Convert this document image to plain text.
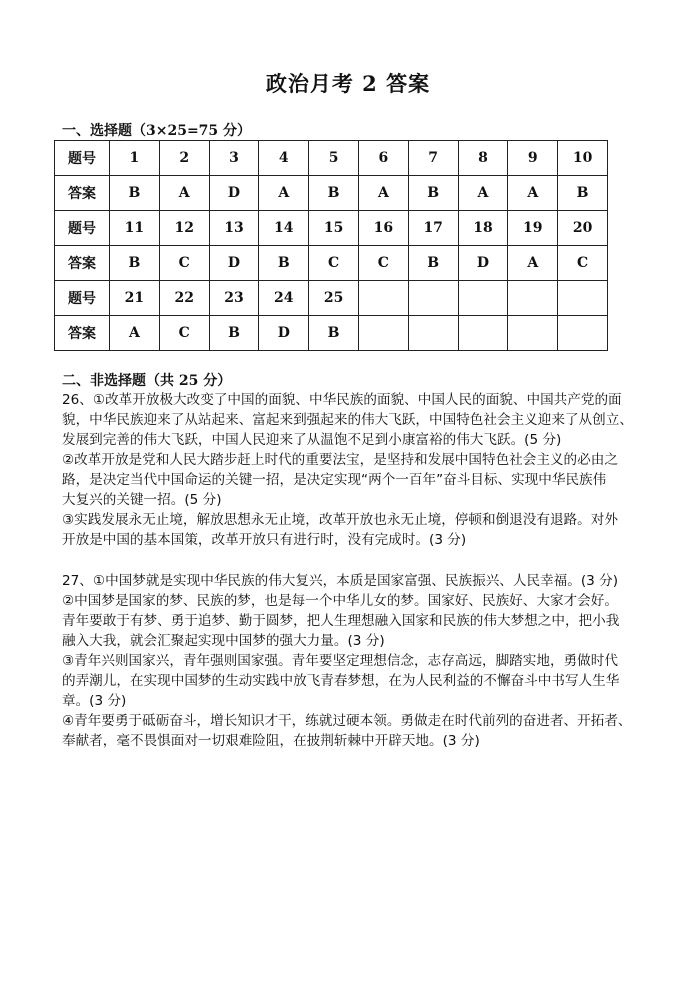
政治月考 2 答案
一、选择题（3×25=75 分）
题号	1	2	3	4	5	6	7	8	9	10
答案	B	A	D	A	B	A	B	A	A	B
题号	11	12	13	14	15	16	17	18	19	20
答案	B	C	D	B	C	C	B	D	A	C
题号	21	22	23	24	25					
答案	A	C	B	D	B					
二、非选择题（共 25 分）

26、①改革开放极大改变了中国的面貌、中华民族的面貌、中国人民的面貌、中国共产党的面

貌，中华民族迎来了从站起来、富起来到强起来的伟大飞跃，中国特色社会主义迎来了从创立、

发展到完善的伟大飞跃，中国人民迎来了从温饱不足到小康富裕的伟大飞跃。(5 分)

②改革开放是党和人民大踏步赶上时代的重要法宝，是坚持和发展中国特色社会主义的必由之

路，是决定当代中国命运的关键一招，是决定实现“两个一百年”奋斗目标、实现中华民族伟

大复兴的关键一招。(5 分)

③实践发展永无止境，解放思想永无止境，改革开放也永无止境，停顿和倒退没有退路。对外

开放是中国的基本国策，改革开放只有进行时，没有完成时。(3 分)

27、①中国梦就是实现中华民族的伟大复兴，本质是国家富强、民族振兴、人民幸福。(3 分)

②中国梦是国家的梦、民族的梦，也是每一个中华儿女的梦。国家好、民族好、大家才会好。

青年要敢于有梦、勇于追梦、勤于圆梦，把人生理想融入国家和民族的伟大梦想之中，把小我

融入大我，就会汇聚起实现中国梦的强大力量。(3 分)

③青年兴则国家兴，青年强则国家强。青年要坚定理想信念，志存高远，脚踏实地，勇做时代

的弄潮儿，在实现中国梦的生动实践中放飞青春梦想，在为人民利益的不懈奋斗中书写人生华

章。(3 分)

④青年要勇于砥砺奋斗，增长知识才干，练就过硬本领。勇做走在时代前列的奋进者、开拓者、

奉献者，毫不畏惧面对一切艰难险阻，在披荆斩棘中开辟天地。(3 分)
